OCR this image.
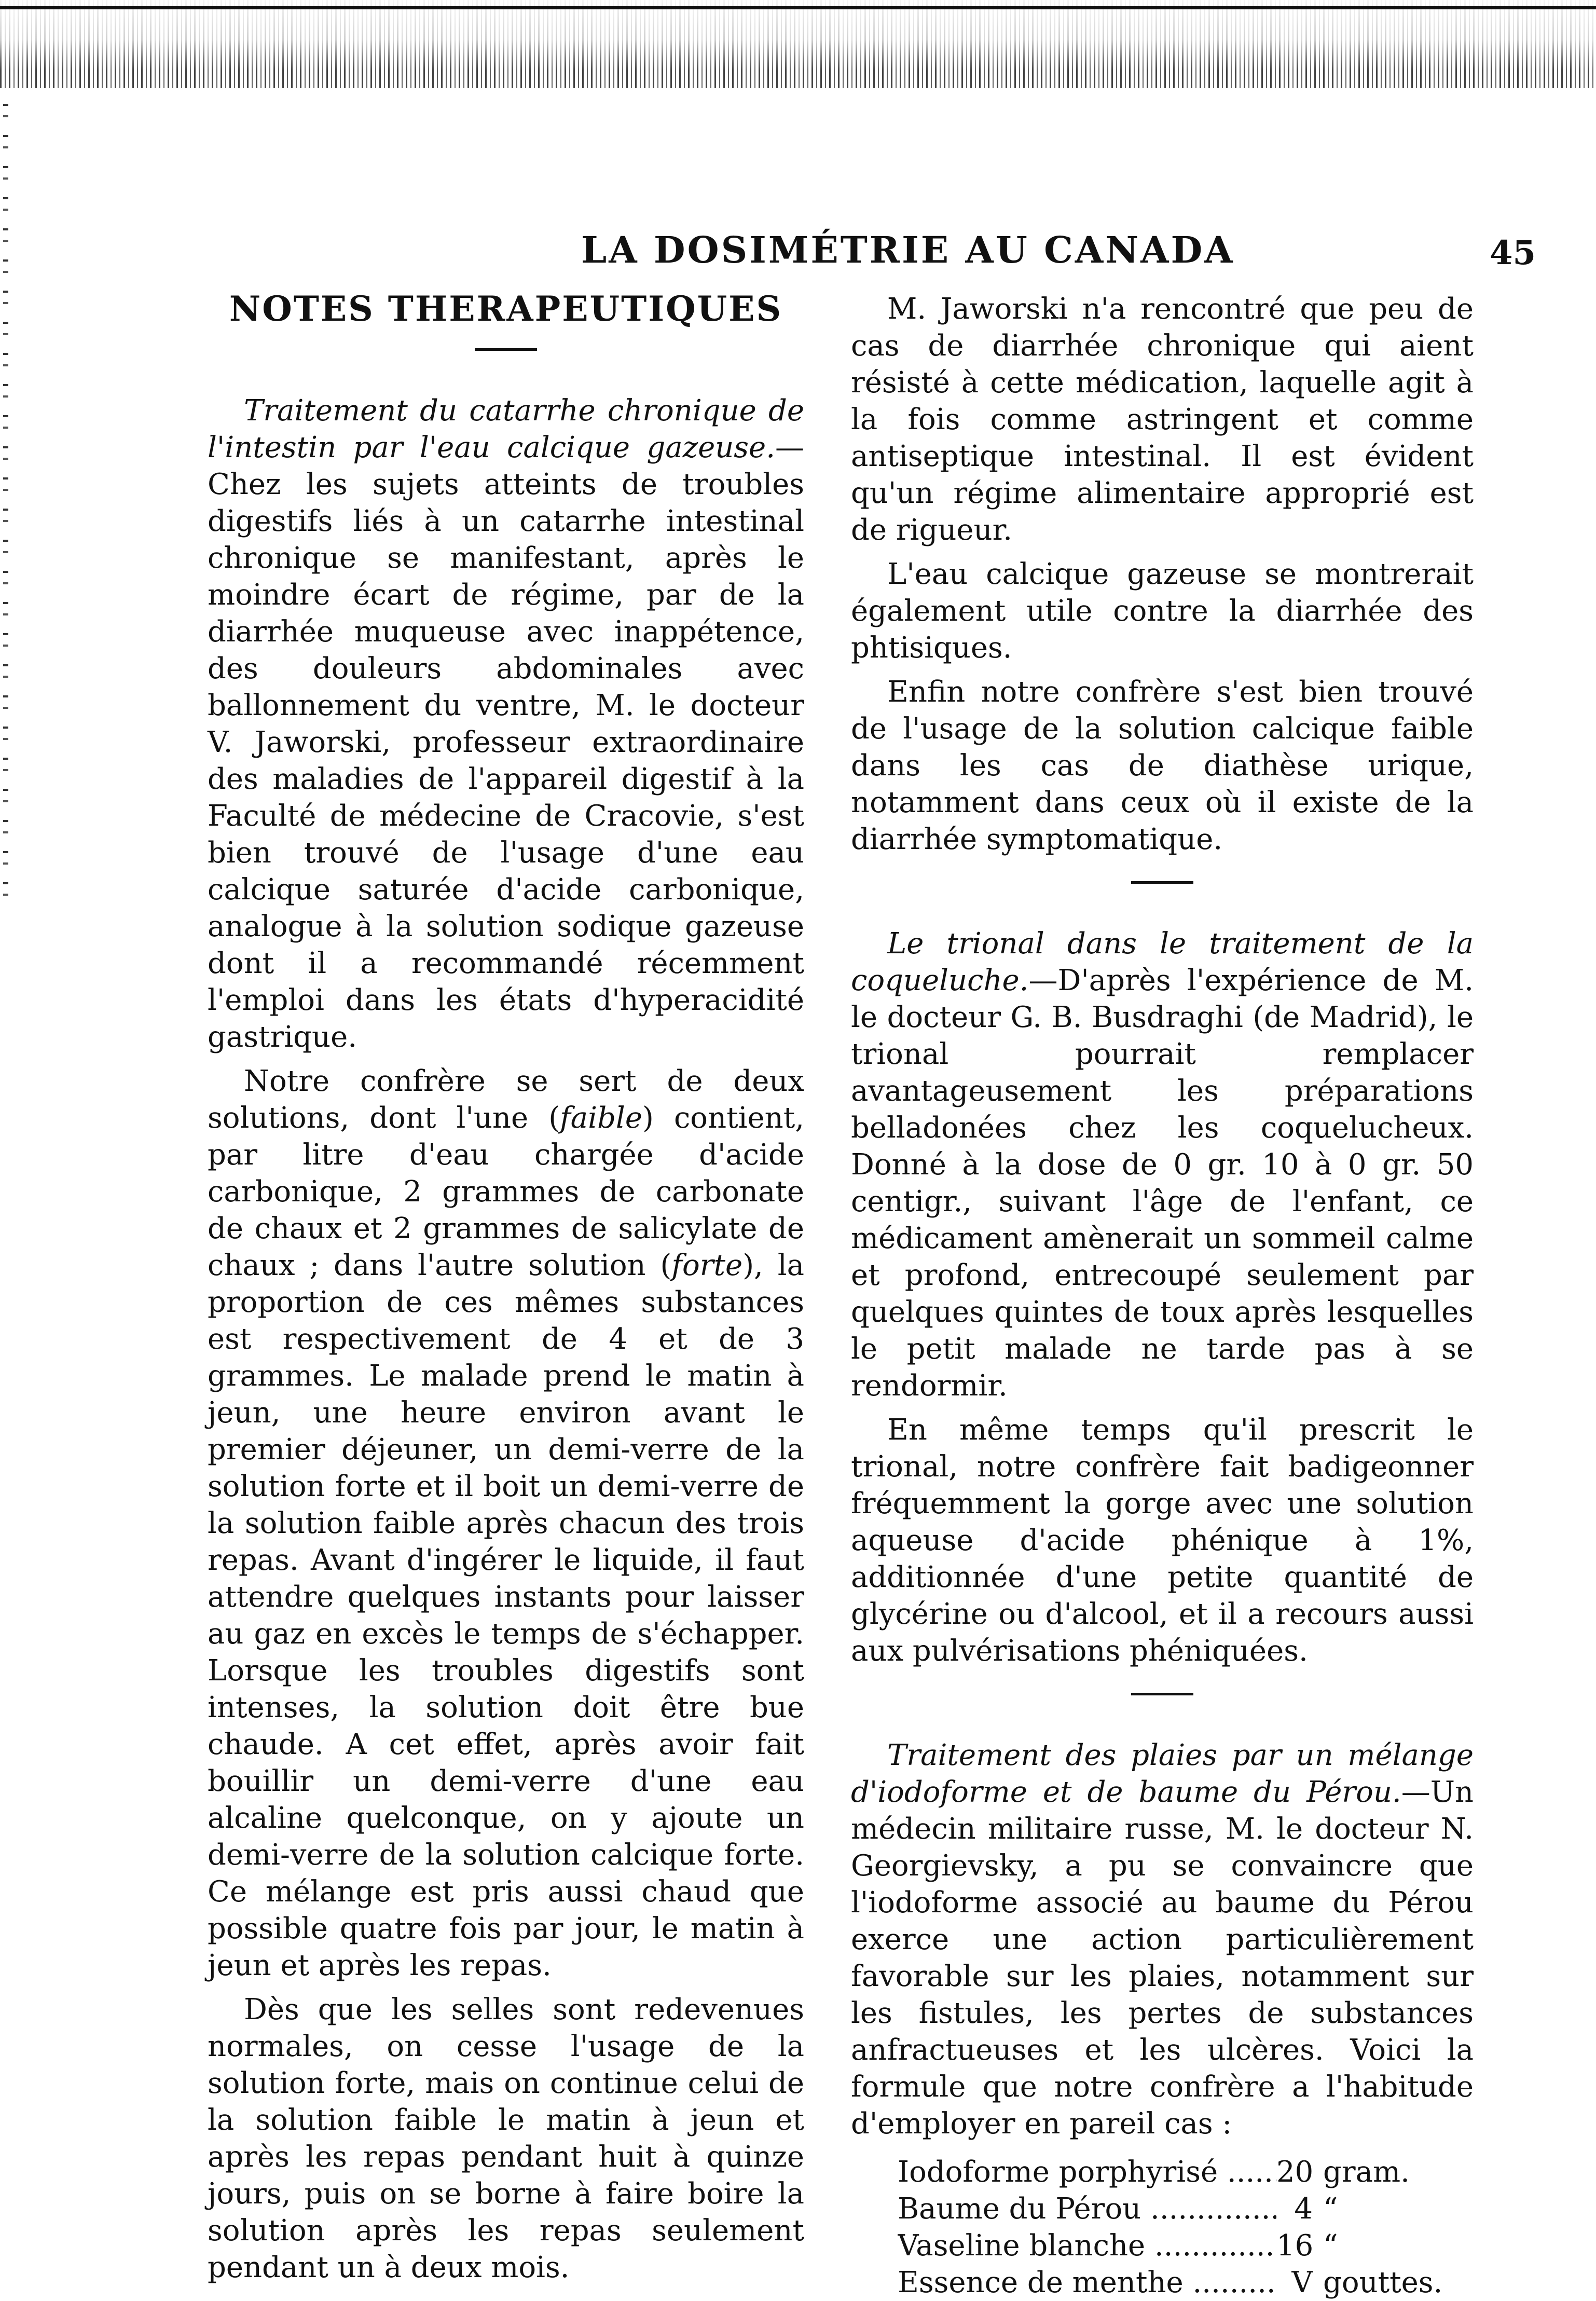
LA DOSIMÉTRIE AU CANADA	45

NOTES THERAPEUTIQUES

Traitement du catarrhe chronique de l'intestin par l'eau calcique gazeuse.—Chez les sujets atteints de troubles digestifs liés à un catarrhe intestinal chronique se manifestant, après le moindre écart de régime, par de la diarrhée muqueuse avec inappétence, des douleurs abdominales avec ballonnement du ventre, M. le docteur V. Jaworski, professeur extraordinaire des maladies de l'appareil digestif à la Faculté de médecine de Cracovie, s'est bien trouvé de l'usage d'une eau calcique saturée d'acide carbonique, analogue à la solution sodique gazeuse dont il a recommandé récemment l'emploi dans les états d'hyperacidité gastrique.

Notre confrère se sert de deux solutions, dont l'une (faible) contient, par litre d'eau chargée d'acide carbonique, 2 grammes de carbonate de chaux et 2 grammes de salicylate de chaux ; dans l'autre solution (forte), la proportion de ces mêmes substances est respectivement de 4 et de 3 grammes. Le malade prend le matin à jeun, une heure environ avant le premier déjeuner, un demi-verre de la solution forte et il boit un demi-verre de la solution faible après chacun des trois repas. Avant d'ingérer le liquide, il faut attendre quelques instants pour laisser au gaz en excès le temps de s'échapper. Lorsque les troubles digestifs sont intenses, la solution doit être bue chaude. A cet effet, après avoir fait bouillir un demi-verre d'une eau alcaline quelconque, on y ajoute un demi-verre de la solution calcique forte. Ce mélange est pris aussi chaud que possible quatre fois par jour, le matin à jeun et après les repas.

Dès que les selles sont redevenues normales, on cesse l'usage de la solution forte, mais on continue celui de la solution faible le matin à jeun et après les repas pendant huit à quinze jours, puis on se borne à faire boire la solution après les repas seulement pendant un à deux mois.

M. Jaworski n'a rencontré que peu de cas de diarrhée chronique qui aient résisté à cette médication, laquelle agit à la fois comme astringent et comme antiseptique intestinal. Il est évident qu'un régime alimentaire approprié est de rigueur.

L'eau calcique gazeuse se montrerait également utile contre la diarrhée des phtisiques.

Enfin notre confrère s'est bien trouvé de l'usage de la solution calcique faible dans les cas de diathèse urique, notamment dans ceux où il existe de la diarrhée symptomatique.

Le trional dans le traitement de la coqueluche.—D'après l'expérience de M. le docteur G. B. Busdraghi (de Madrid), le trional pourrait remplacer avantageusement les préparations belladonées chez les coquelucheux. Donné à la dose de 0 gr. 10 à 0 gr. 50 centigr., suivant l'âge de l'enfant, ce médicament amènerait un sommeil calme et profond, entrecoupé seulement par quelques quintes de toux après lesquelles le petit malade ne tarde pas à se rendormir.

En même temps qu'il prescrit le trional, notre confrère fait badigeonner fréquemment la gorge avec une solution aqueuse d'acide phénique à 1%, additionnée d'une petite quantité de glycérine ou d'alcool, et il a recours aussi aux pulvérisations phéniquées.

Traitement des plaies par un mélange d'iodoforme et de baume du Pérou.—Un médecin militaire russe, M. le docteur N. Georgievsky, a pu se convaincre que l'iodoforme associé au baume du Pérou exerce une action particulièrement favorable sur les plaies, notamment sur les fistules, les pertes de substances anfractueuses et les ulcères. Voici la formule que notre confrère a l'habitude d'employer en pareil cas :

Iodoforme porphyrisé .....	20 gram.
Baume du Pérou .....	4 “
Vaseline blanche .....	16 “
Essence de menthe .....	V gouttes.
